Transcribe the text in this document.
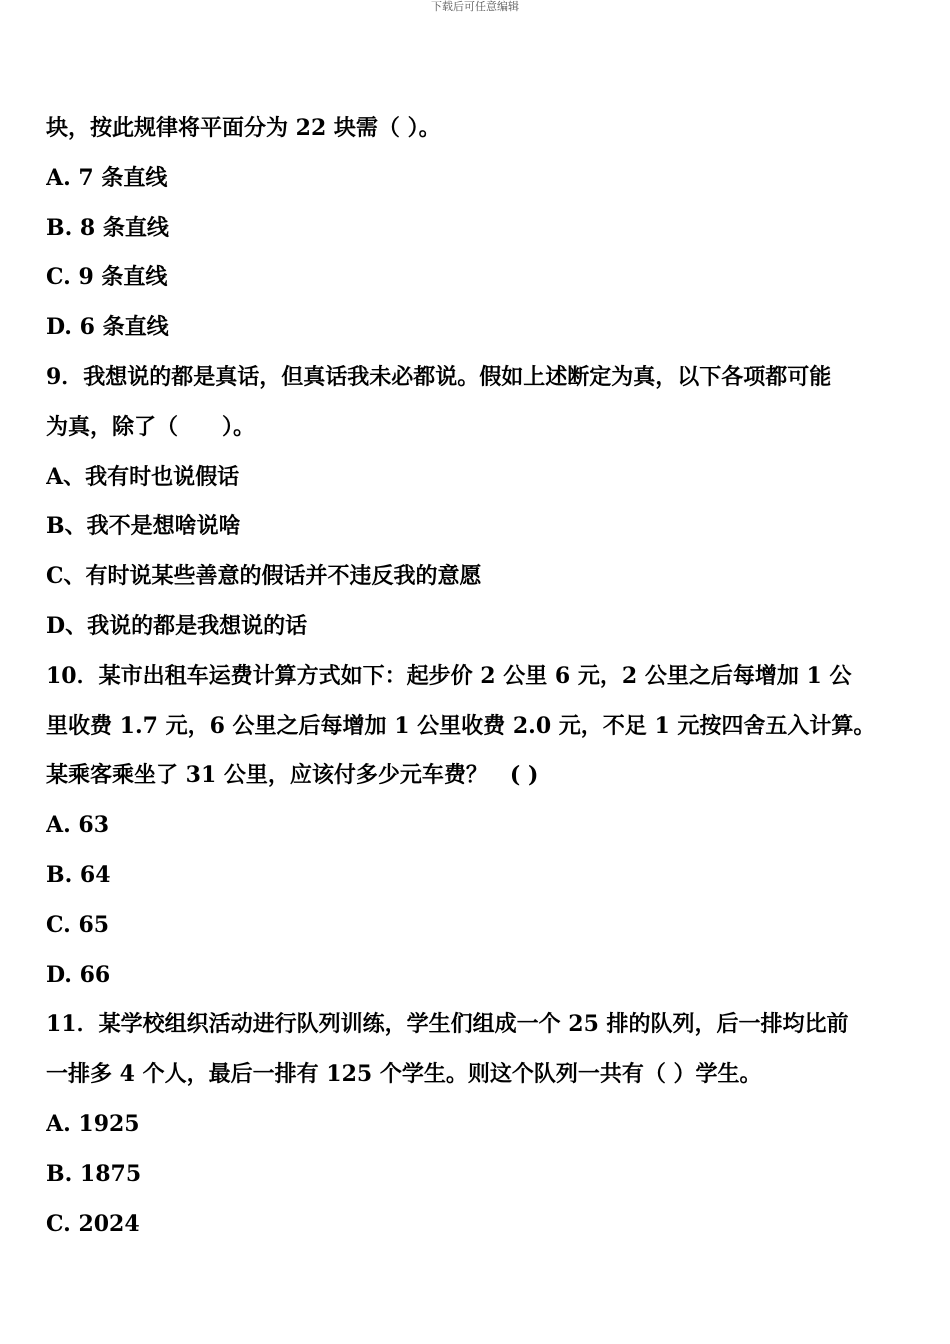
下载后可任意编辑
块，按此规律将平面分为 22 块需（ ）。
A. 7 条直线
B. 8 条直线
C. 9 条直线
D. 6 条直线
9．我想说的都是真话，但真话我未必都说。假如上述断定为真，以下各项都可能
为真，除了（　　）。
A、我有时也说假话
B、我不是想啥说啥
C、有时说某些善意的假话并不违反我的意愿
D、我说的都是我想说的话
10．某市出租车运费计算方式如下：起步价 2 公里 6 元，2 公里之后每增加 1 公
里收费 1.7 元，6 公里之后每增加 1 公里收费 2.0 元，不足 1 元按四舍五入计算。
某乘客乘坐了 31 公里，应该付多少元车费？　( )
A. 63
B. 64
C. 65
D. 66
11．某学校组织活动进行队列训练，学生们组成一个 25 排的队列，后一排均比前
一排多 4 个人，最后一排有 125 个学生。则这个队列一共有（ ）学生。
A. 1925
B. 1875
C. 2024
